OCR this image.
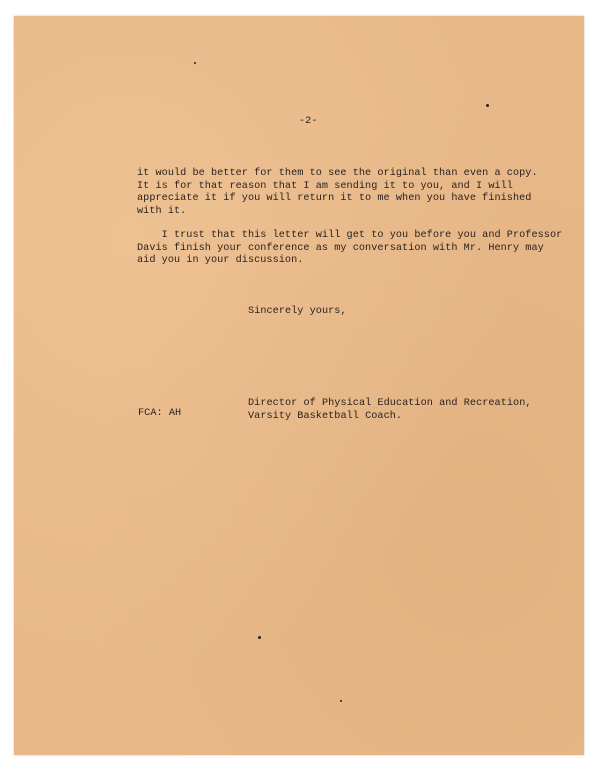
-2-
it would be better for them to see the original than even a copy.
It is for that reason that I am sending it to you, and I will
appreciate it if you will return it to me when you have finished
with it.
I trust that this letter will get to you before you and Professor
Davis finish your conference as my conversation with Mr. Henry may
aid you in your discussion.
Sincerely yours,
FCA: AH
Director of Physical Education and Recreation,
Varsity Basketball Coach.
